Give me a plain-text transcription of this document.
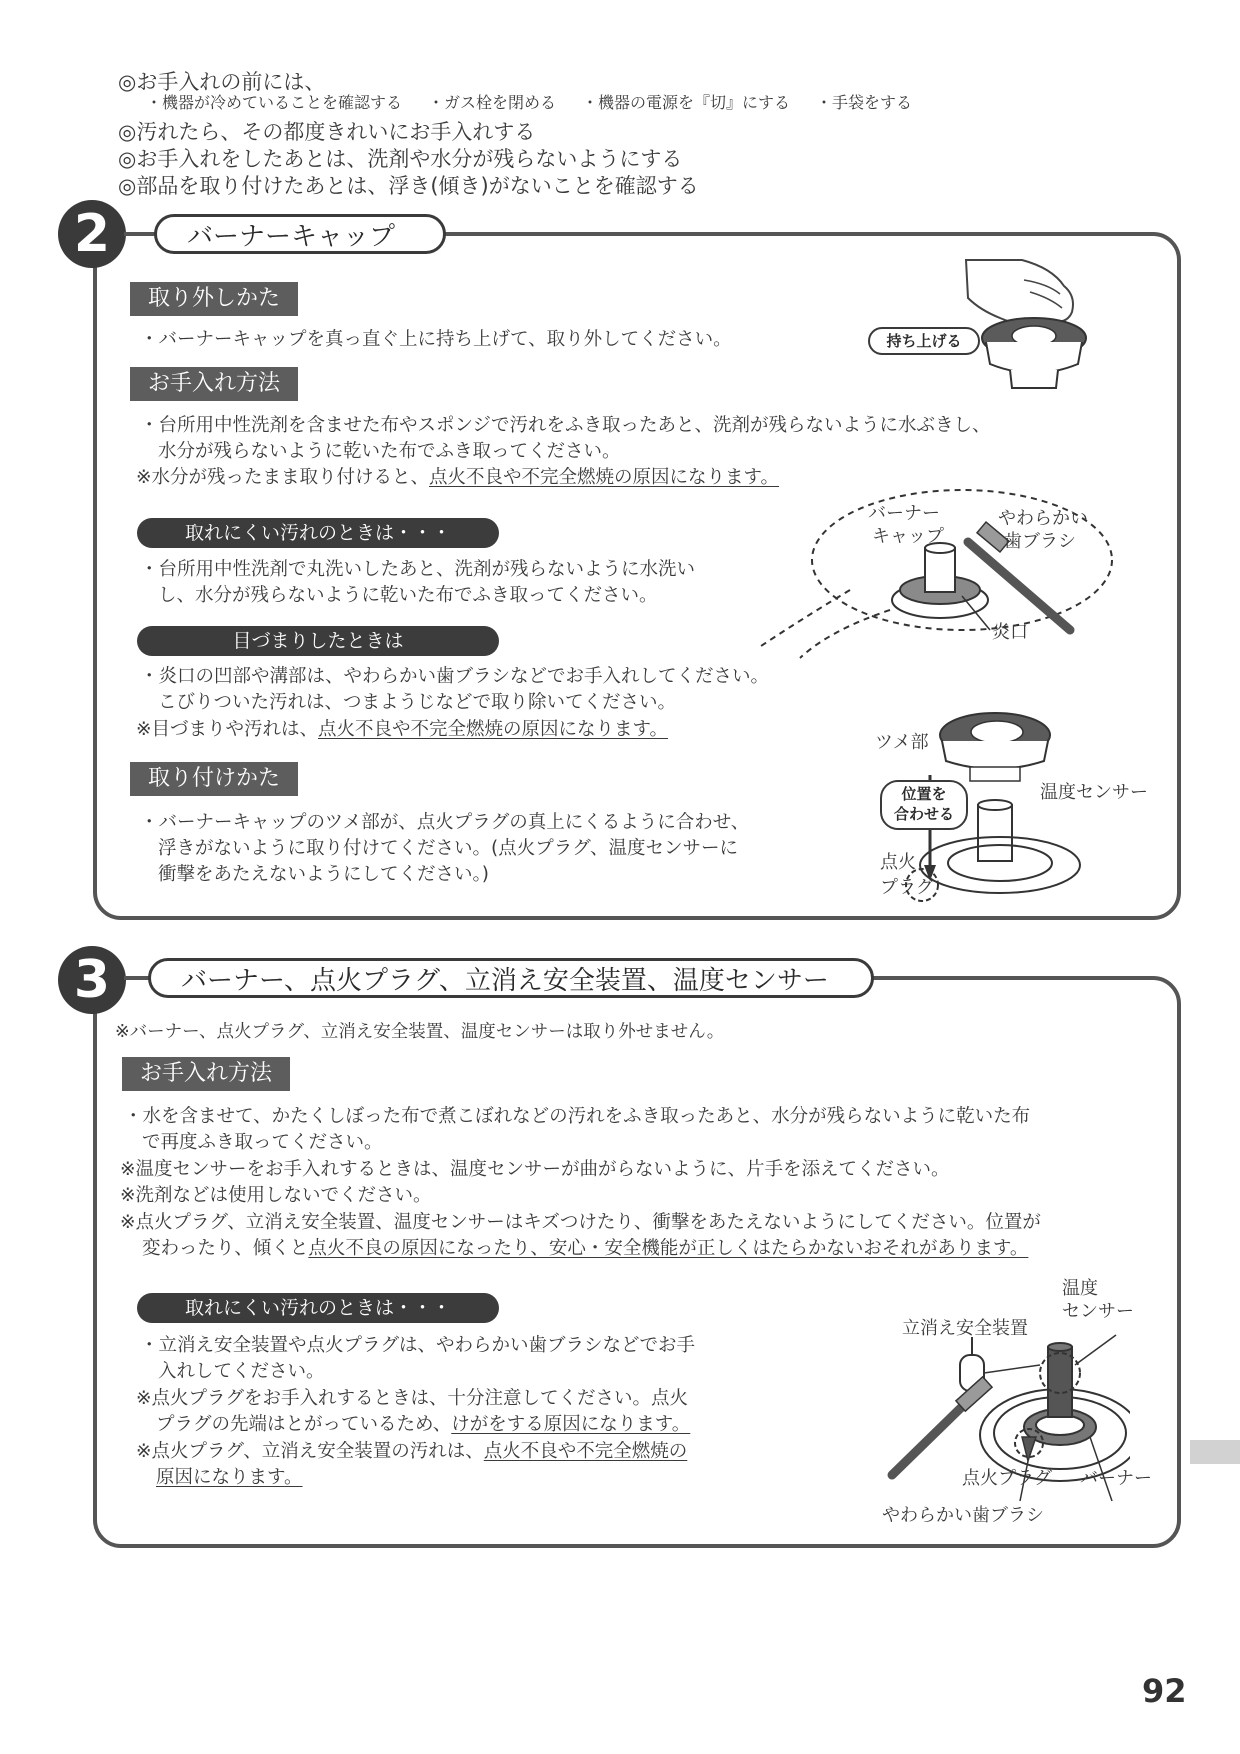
◎お手入れの前には、
・機器が冷めていることを確認する ・ガス栓を閉める ・機器の電源を『切』にする ・手袋をする
◎汚れたら、その都度きれいにお手入れする
◎お手入れをしたあとは、洗剤や水分が残らないようにする
◎部品を取り付けたあとは、浮き(傾き)がないことを確認する
2	バーナーキャップ
取り外しかた
・バーナーキャップを真っ直ぐ上に持ち上げて、取り外してください。	持ち上げる
お手入れ方法
・台所用中性洗剤を含ませた布やスポンジで汚れをふき取ったあと、洗剤が残らないように水ぶきし、
水分が残らないように乾いた布でふき取ってください。
※水分が残ったまま取り付けると、点火不良や不完全燃焼の原因になります。
取れにくい汚れのときは・・・
・台所用中性洗剤で丸洗いしたあと、洗剤が残らないように水洗い
し、水分が残らないように乾いた布でふき取ってください。
目づまりしたときは
・炎口の凹部や溝部は、やわらかい歯ブラシなどでお手入れしてください。
こびりついた汚れは、つまようじなどで取り除いてください。
※目づまりや汚れは、点火不良や不完全燃焼の原因になります。
取り付けかた
・バーナーキャップのツメ部が、点火プラグの真上にくるように合わせ、
浮きがないように取り付けてください。(点火プラグ、温度センサーに
衝撃をあたえないようにしてください。)
バーナー
キャップ
やわらかい
歯ブラシ
炎口
ツメ部
位置を
合わせる
温度センサー
点火
プラグ
3	バーナー、点火プラグ、立消え安全装置、温度センサー
※バーナー、点火プラグ、立消え安全装置、温度センサーは取り外せません。
お手入れ方法
・水を含ませて、かたくしぼった布で煮こぼれなどの汚れをふき取ったあと、水分が残らないように乾いた布
で再度ふき取ってください。
※温度センサーをお手入れするときは、温度センサーが曲がらないように、片手を添えてください。
※洗剤などは使用しないでください。
※点火プラグ、立消え安全装置、温度センサーはキズつけたり、衝撃をあたえないようにしてください。位置が
変わったり、傾くと点火不良の原因になったり、安心・安全機能が正しくはたらかないおそれがあります。
取れにくい汚れのときは・・・
・立消え安全装置や点火プラグは、やわらかい歯ブラシなどでお手
入れしてください。
※点火プラグをお手入れするときは、十分注意してください。点火
プラグの先端はとがっているため、けがをする原因になります。
※点火プラグ、立消え安全装置の汚れは、点火不良や不完全燃焼の
原因になります。
温度
センサー
立消え安全装置
点火プラグ バーナー
やわらかい歯ブラシ
92
